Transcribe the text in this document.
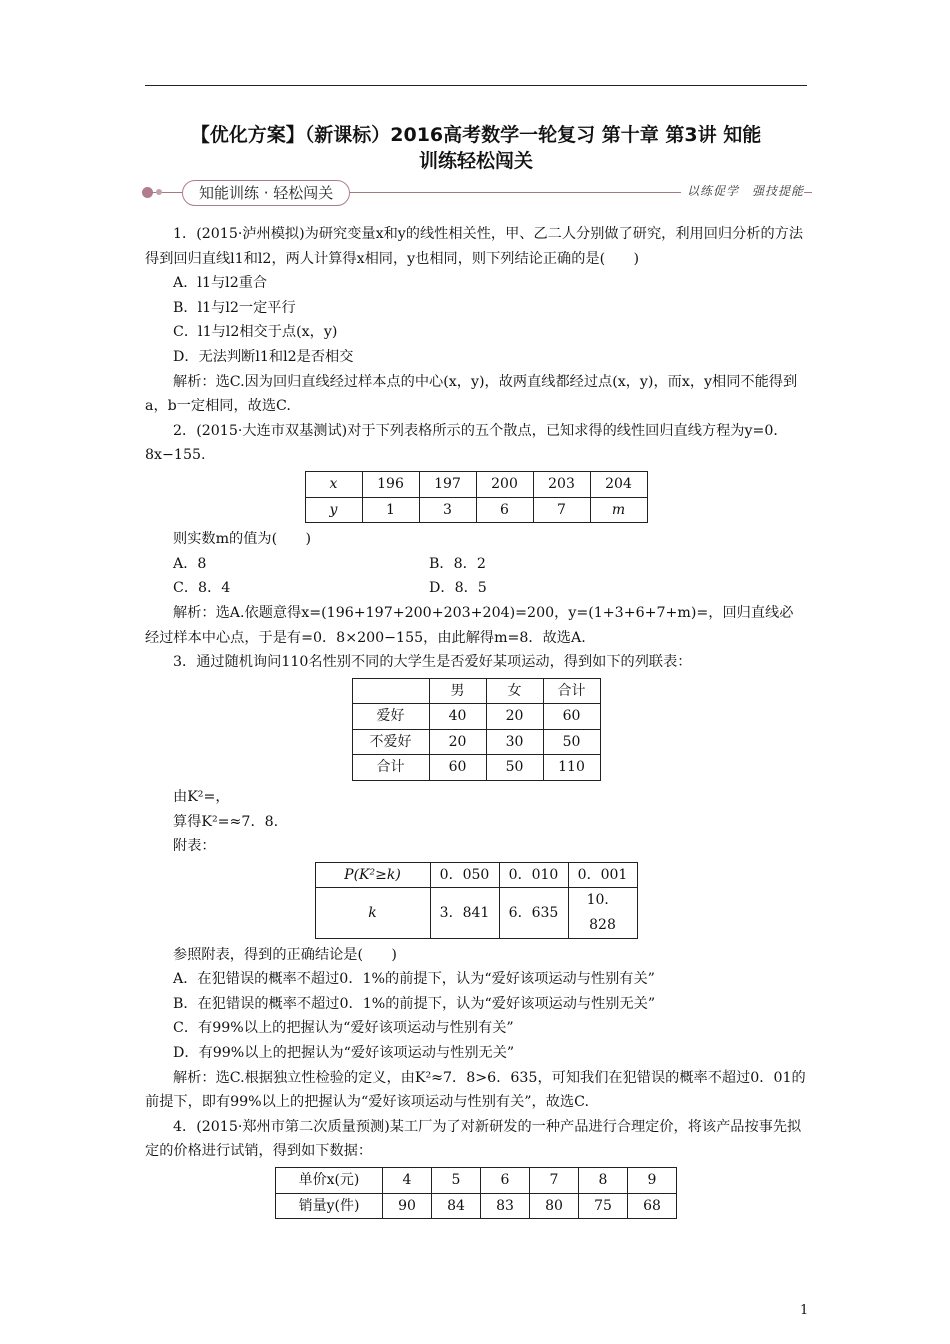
【优化方案】（新课标）2016高考数学一轮复习 第十章 第3讲 知能
训练轻松闯关
知能训练 · 轻松闯关	以练促学　强技提能

1．(2015·泸州模拟)为研究变量x和y的线性相关性，甲、乙二人分别做了研究，利用回归分析的方法得到回归直线l1和l2，两人计算得x相同，y也相同，则下列结论正确的是(　　)

A．l1与l2重合

B．l1与l2一定平行

C．l1与l2相交于点(x，y)

D．无法判断l1和l2是否相交

解析：选C.因为回归直线经过样本点的中心(x，y)，故两直线都经过点(x，y)，而x，y相同不能得到a，b一定相同，故选C.

2．(2015·大连市双基测试)对于下列表格所示的五个散点，已知求得的线性回归直线方程为y=0．8x−155.

x	196	197	200	203	204
y	1	3	6	7	m

则实数m的值为(　　)

A．8	B．8．2
C．8．4	D．8．5

解析：选A.依题意得x=(196+197+200+203+204)=200，y=(1+3+6+7+m)=，回归直线必经过样本中心点，于是有=0．8×200−155，由此解得m=8．故选A.

3．通过随机询问110名性别不同的大学生是否爱好某项运动，得到如下的列联表：

	男	女	合计
爱好	40	20	60
不爱好	20	30	50
合计	60	50	110

由K²=，

算得K²=≈7．8.

附表：

P(K²≥k)	0．050	0．010	0．001
k	3．841	6．635	10．828

参照附表，得到的正确结论是(　　)

A．在犯错误的概率不超过0．1%的前提下，认为“爱好该项运动与性别有关”

B．在犯错误的概率不超过0．1%的前提下，认为“爱好该项运动与性别无关”

C．有99%以上的把握认为“爱好该项运动与性别有关”

D．有99%以上的把握认为“爱好该项运动与性别无关”

解析：选C.根据独立性检验的定义，由K²≈7．8>6．635，可知我们在犯错误的概率不超过0．01的前提下，即有99%以上的把握认为“爱好该项运动与性别有关”，故选C.

4．(2015·郑州市第二次质量预测)某工厂为了对新研发的一种产品进行合理定价，将该产品按事先拟定的价格进行试销，得到如下数据：

单价x(元)	4	5	6	7	8	9
销量y(件)	90	84	83	80	75	68
1
